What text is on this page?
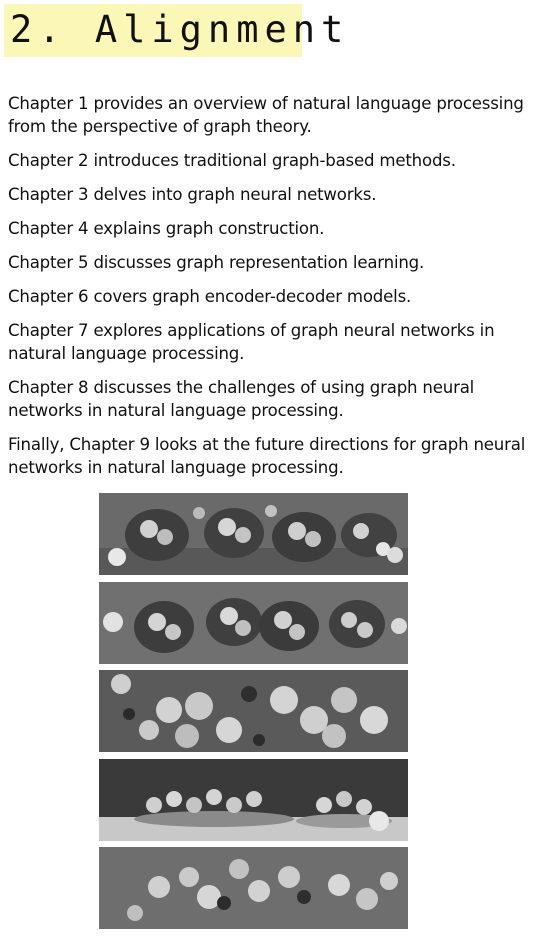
2. Alignment

Chapter 1 provides an overview of natural language processing from the perspective of graph theory.

Chapter 2 introduces traditional graph-based methods.

Chapter 3 delves into graph neural networks.

Chapter 4 explains graph construction.

Chapter 5 discusses graph representation learning.

Chapter 6 covers graph encoder-decoder models.

Chapter 7 explores applications of graph neural networks in natural language processing.

Chapter 8 discusses the challenges of using graph neural networks in natural language processing.

Finally, Chapter 9 looks at the future directions for graph neural networks in natural language processing.
